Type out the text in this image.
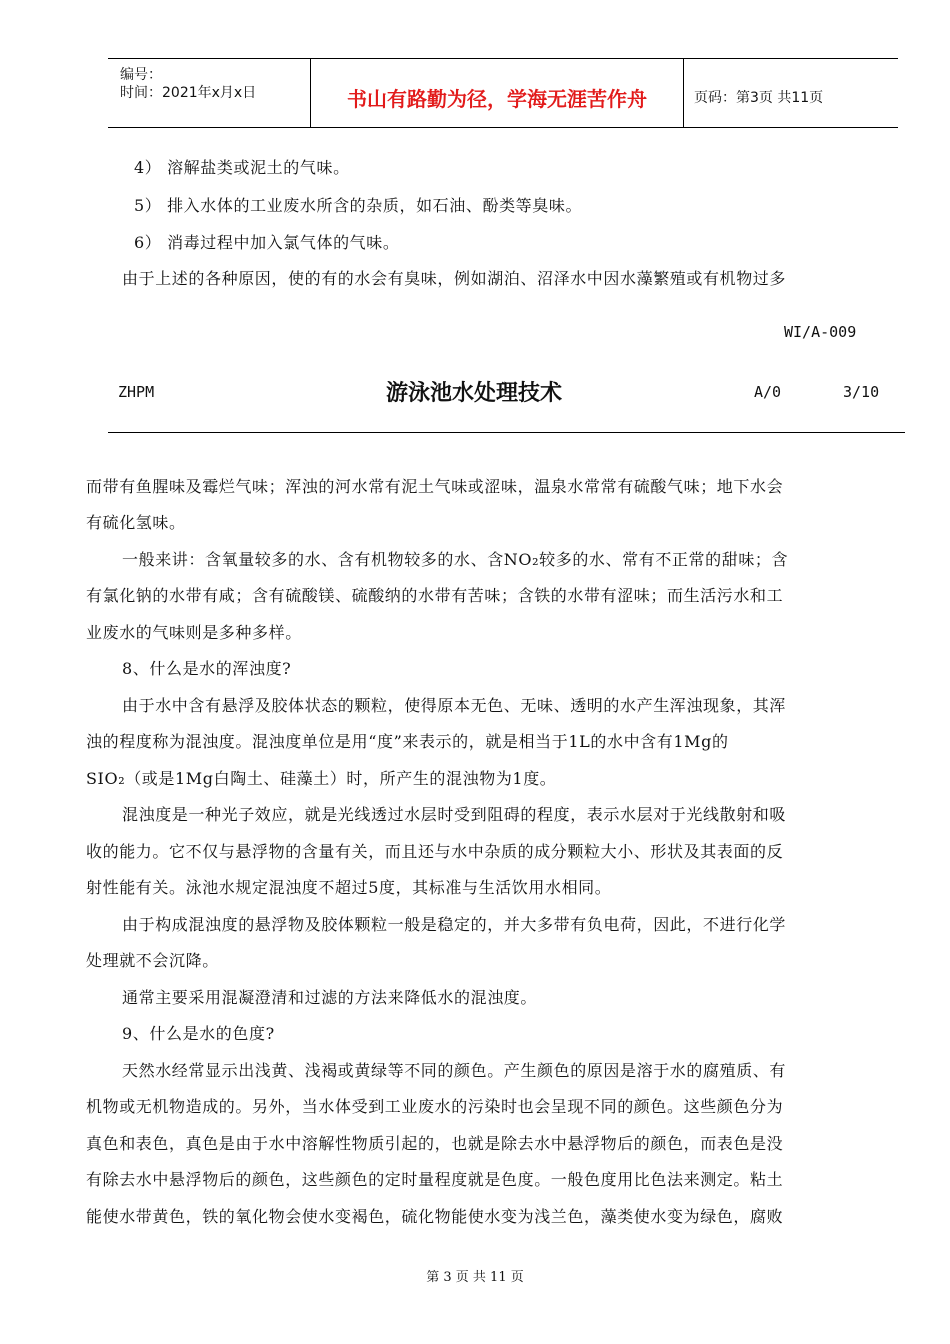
编号：
时间：2021年x月x日	书山有路勤为径，学海无涯苦作舟	页码：第3页 共11页
4） 溶解盐类或泥土的气味。
5） 排入水体的工业废水所含的杂质，如石油、酚类等臭味。
6） 消毒过程中加入氯气体的气味。
由于上述的各种原因，使的有的水会有臭味，例如湖泊、沼泽水中因水藻繁殖或有机物过多
WI/A-009
ZHPM	游泳池水处理技术	A/0	3/10
而带有鱼腥味及霉烂气味；浑浊的河水常有泥土气味或涩味，温泉水常常有硫酸气味；地下水会
有硫化氢味。
一般来讲：含氧量较多的水、含有机物较多的水、含NO₂较多的水、常有不正常的甜味；含
有氯化钠的水带有咸；含有硫酸镁、硫酸纳的水带有苦味；含铁的水带有涩味；而生活污水和工
业废水的气味则是多种多样。
8、什么是水的浑浊度?
由于水中含有悬浮及胶体状态的颗粒，使得原本无色、无味、透明的水产生浑浊现象，其浑
浊的程度称为混浊度。混浊度单位是用“度”来表示的，就是相当于1L的水中含有1Mg的
SIO₂（或是1Mg白陶土、硅藻土）时，所产生的混浊物为1度。
混浊度是一种光子效应，就是光线透过水层时受到阻碍的程度，表示水层对于光线散射和吸
收的能力。它不仅与悬浮物的含量有关，而且还与水中杂质的成分颗粒大小、形状及其表面的反
射性能有关。泳池水规定混浊度不超过5度，其标准与生活饮用水相同。
由于构成混浊度的悬浮物及胶体颗粒一般是稳定的，并大多带有负电荷，因此，不进行化学
处理就不会沉降。
通常主要采用混凝澄清和过滤的方法来降低水的混浊度。
9、什么是水的色度?
天然水经常显示出浅黄、浅褐或黄绿等不同的颜色。产生颜色的原因是溶于水的腐殖质、有
机物或无机物造成的。另外，当水体受到工业废水的污染时也会呈现不同的颜色。这些颜色分为
真色和表色，真色是由于水中溶解性物质引起的，也就是除去水中悬浮物后的颜色，而表色是没
有除去水中悬浮物后的颜色，这些颜色的定时量程度就是色度。一般色度用比色法来测定。粘土
能使水带黄色，铁的氧化物会使水变褐色，硫化物能使水变为浅兰色，藻类使水变为绿色，腐败
第 3 页 共 11 页
